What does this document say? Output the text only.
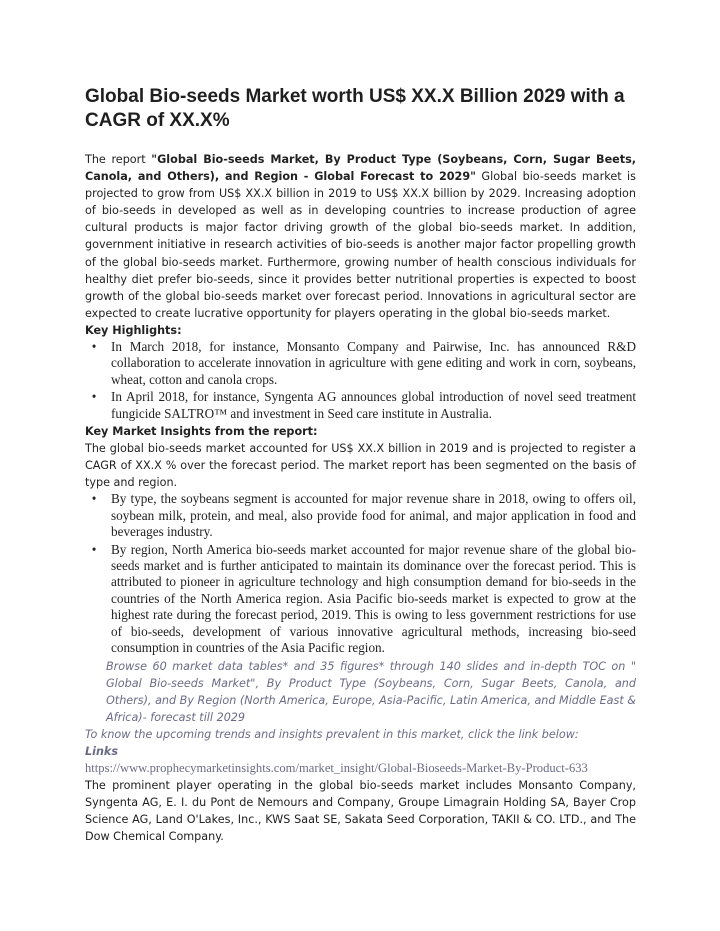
Global Bio-seeds Market worth US$ XX.X Billion 2029 with a CAGR of XX.X%

The report "Global Bio-seeds Market, By Product Type (Soybeans, Corn, Sugar Beets, Canola, and Others), and Region - Global Forecast to 2029" Global bio-seeds market is projected to grow from US$ XX.X billion in 2019 to US$ XX.X billion by 2029. Increasing adoption of bio-seeds in developed as well as in developing countries to increase production of agree cultural products is major factor driving growth of the global bio-seeds market. In addition, government initiative in research activities of bio-seeds is another major factor propelling growth of the global bio-seeds market. Furthermore, growing number of health conscious individuals for healthy diet prefer bio-seeds, since it provides better nutritional properties is expected to boost growth of the global bio-seeds market over forecast period. Innovations in agricultural sector are expected to create lucrative opportunity for players operating in the global bio-seeds market.

Key Highlights:

• In March 2018, for instance, Monsanto Company and Pairwise, Inc. has announced R&D collaboration to accelerate innovation in agriculture with gene editing and work in corn, soybeans, wheat, cotton and canola crops.
• In April 2018, for instance, Syngenta AG announces global introduction of novel seed treatment fungicide SALTRO™ and investment in Seed care institute in Australia.

Key Market Insights from the report:

The global bio-seeds market accounted for US$ XX.X billion in 2019 and is projected to register a CAGR of XX.X % over the forecast period. The market report has been segmented on the basis of type and region.

• By type, the soybeans segment is accounted for major revenue share in 2018, owing to offers oil, soybean milk, protein, and meal, also provide food for animal, and major application in food and beverages industry.
• By region, North America bio-seeds market accounted for major revenue share of the global bio-seeds market and is further anticipated to maintain its dominance over the forecast period. This is attributed to pioneer in agriculture technology and high consumption demand for bio-seeds in the countries of the North America region. Asia Pacific bio-seeds market is expected to grow at the highest rate during the forecast period, 2019. This is owing to less government restrictions for use of bio-seeds, development of various innovative agricultural methods, increasing bio-seed consumption in countries of the Asia Pacific region.

Browse 60 market data tables* and 35 figures* through 140 slides and in-depth TOC on " Global Bio-seeds Market", By Product Type (Soybeans, Corn, Sugar Beets, Canola, and Others), and By Region (North America, Europe, Asia-Pacific, Latin America, and Middle East & Africa)- forecast till 2029

To know the upcoming trends and insights prevalent in this market, click the link below:

Links

https://www.prophecymarketinsights.com/market_insight/Global-Bioseeds-Market-By-Product-633

The prominent player operating in the global bio-seeds market includes Monsanto Company, Syngenta AG, E. I. du Pont de Nemours and Company, Groupe Limagrain Holding SA, Bayer Crop Science AG, Land O'Lakes, Inc., KWS Saat SE, Sakata Seed Corporation, TAKII & CO. LTD., and The Dow Chemical Company.
